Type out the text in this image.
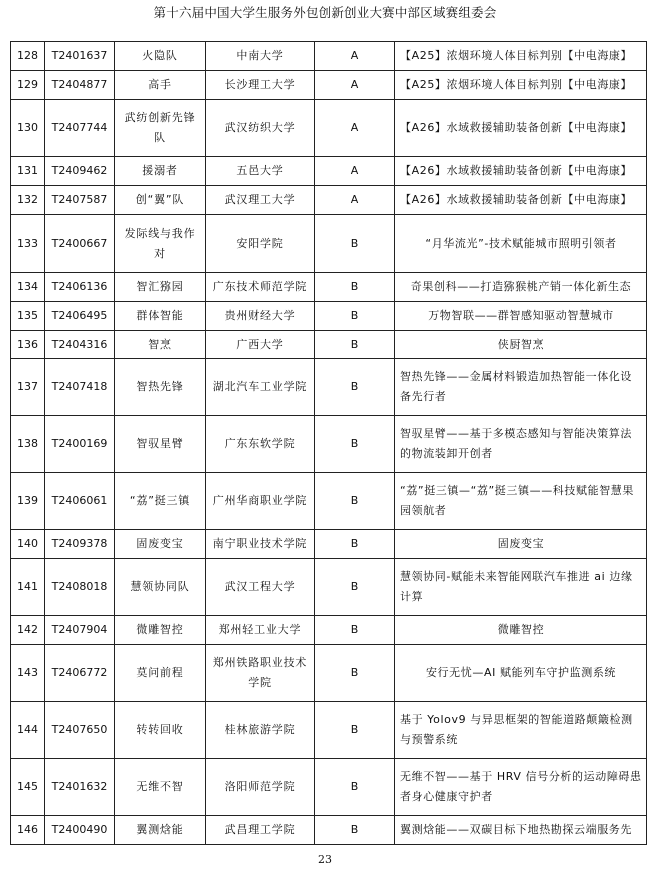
第十六届中国大学生服务外包创新创业大赛中部区域赛组委会
128	T2401637	火隐队	中南大学	A	【A25】浓烟环境人体目标判别【中电海康】
129	T2404877	高手	长沙理工大学	A	【A25】浓烟环境人体目标判别【中电海康】
130	T2407744	武纺创新先锋队	武汉纺织大学	A	【A26】水域救援辅助装备创新【中电海康】
131	T2409462	援溺者	五邑大学	A	【A26】水域救援辅助装备创新【中电海康】
132	T2407587	创“翼”队	武汉理工大学	A	【A26】水域救援辅助装备创新【中电海康】
133	T2400667	发际线与我作对	安阳学院	B	“月华流光”-技术赋能城市照明引领者
134	T2406136	智汇猕园	广东技术师范学院	B	奇果创科——打造猕猴桃产销一体化新生态
135	T2406495	群体智能	贵州财经大学	B	万物智联——群智感知驱动智慧城市
136	T2404316	智烹	广西大学	B	侠厨智烹
137	T2407418	智热先锋	湖北汽车工业学院	B	智热先锋——金属材料锻造加热智能一体化设备先行者
138	T2400169	智驭星臂	广东东软学院	B	智驭星臂——基于多模态感知与智能决策算法的物流装卸开创者
139	T2406061	“荔”挺三镇	广州华商职业学院	B	“荔”挺三镇—“荔”挺三镇——科技赋能智慧果园领航者
140	T2409378	固废变宝	南宁职业技术学院	B	固废变宝
141	T2408018	慧领协同队	武汉工程大学	B	慧领协同-赋能未来智能网联汽车推进 ai 边缘计算
142	T2407904	微雕智控	郑州轻工业大学	B	微雕智控
143	T2406772	莫问前程	郑州铁路职业技术学院	B	安行无忧—AI 赋能列车守护监测系统
144	T2407650	转转回收	桂林旅游学院	B	基于 Yolov9 与异思框架的智能道路颠簸检测与预警系统
145	T2401632	无维不智	洛阳师范学院	B	无维不智——基于 HRV 信号分析的运动障碍患者身心健康守护者
146	T2400490	翼测焓能	武昌理工学院	B	翼测焓能——双碳目标下地热勘探云端服务先
23
